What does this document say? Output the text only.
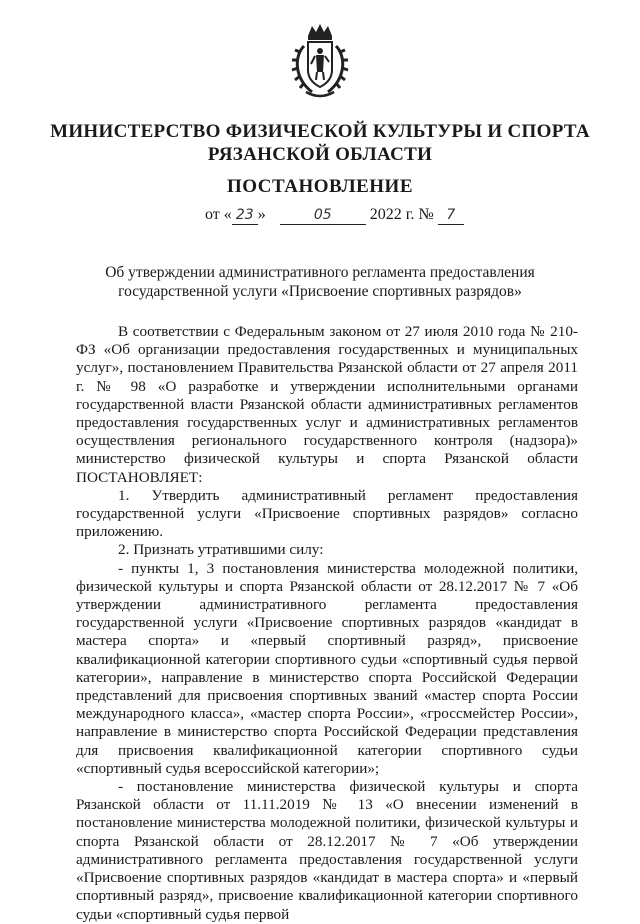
МИНИСТЕРСТВО ФИЗИЧЕСКОЙ КУЛЬТУРЫ И СПОРТА
РЯЗАНСКОЙ ОБЛАСТИ
ПОСТАНОВЛЕНИЕ
от « 23 »	05 2022 г. № 7
Об утверждении административного регламента предоставления
государственной услуги «Присвоение спортивных разрядов»

В соответствии с Федеральным законом от 27 июля 2010 года № 210-ФЗ «Об организации предоставления государственных и муниципальных услуг», постановлением Правительства Рязанской области от 27 апреля 2011 г. № 98 «О разработке и утверждении исполнительными органами государственной власти Рязанской области административных регламентов предоставления государственных услуг и административных регламентов осуществления регионального государственного контроля (надзора)» министерство физической культуры и спорта Рязанской области ПОСТАНОВЛЯЕТ:

1. Утвердить административный регламент предоставления государственной услуги «Присвоение спортивных разрядов» согласно приложению.

2. Признать утратившими силу:

- пункты 1, 3 постановления министерства молодежной политики, физической культуры и спорта Рязанской области от 28.12.2017 № 7 «Об утверждении административного регламента предоставления государственной услуги «Присвоение спортивных разрядов «кандидат в мастера спорта» и «первый спортивный разряд», присвоение квалификационной категории спортивного судьи «спортивный судья первой категории», направление в министерство спорта Российской Федерации представлений для присвоения спортивных званий «мастер спорта России международного класса», «мастер спорта России», «гроссмейстер России», направление в министерство спорта Российской Федерации представления для присвоения квалификационной категории спортивного судьи «спортивный судья всероссийской категории»;

- постановление министерства физической культуры и спорта Рязанской области от 11.11.2019 № 13 «О внесении изменений в постановление министерства молодежной политики, физической культуры и спорта Рязанской области от 28.12.2017 № 7 «Об утверждении административного регламента предоставления государственной услуги «Присвоение спортивных разрядов «кандидат в мастера спорта» и «первый спортивный разряд», присвоение квалификационной категории спортивного судьи «спортивный судья первой
